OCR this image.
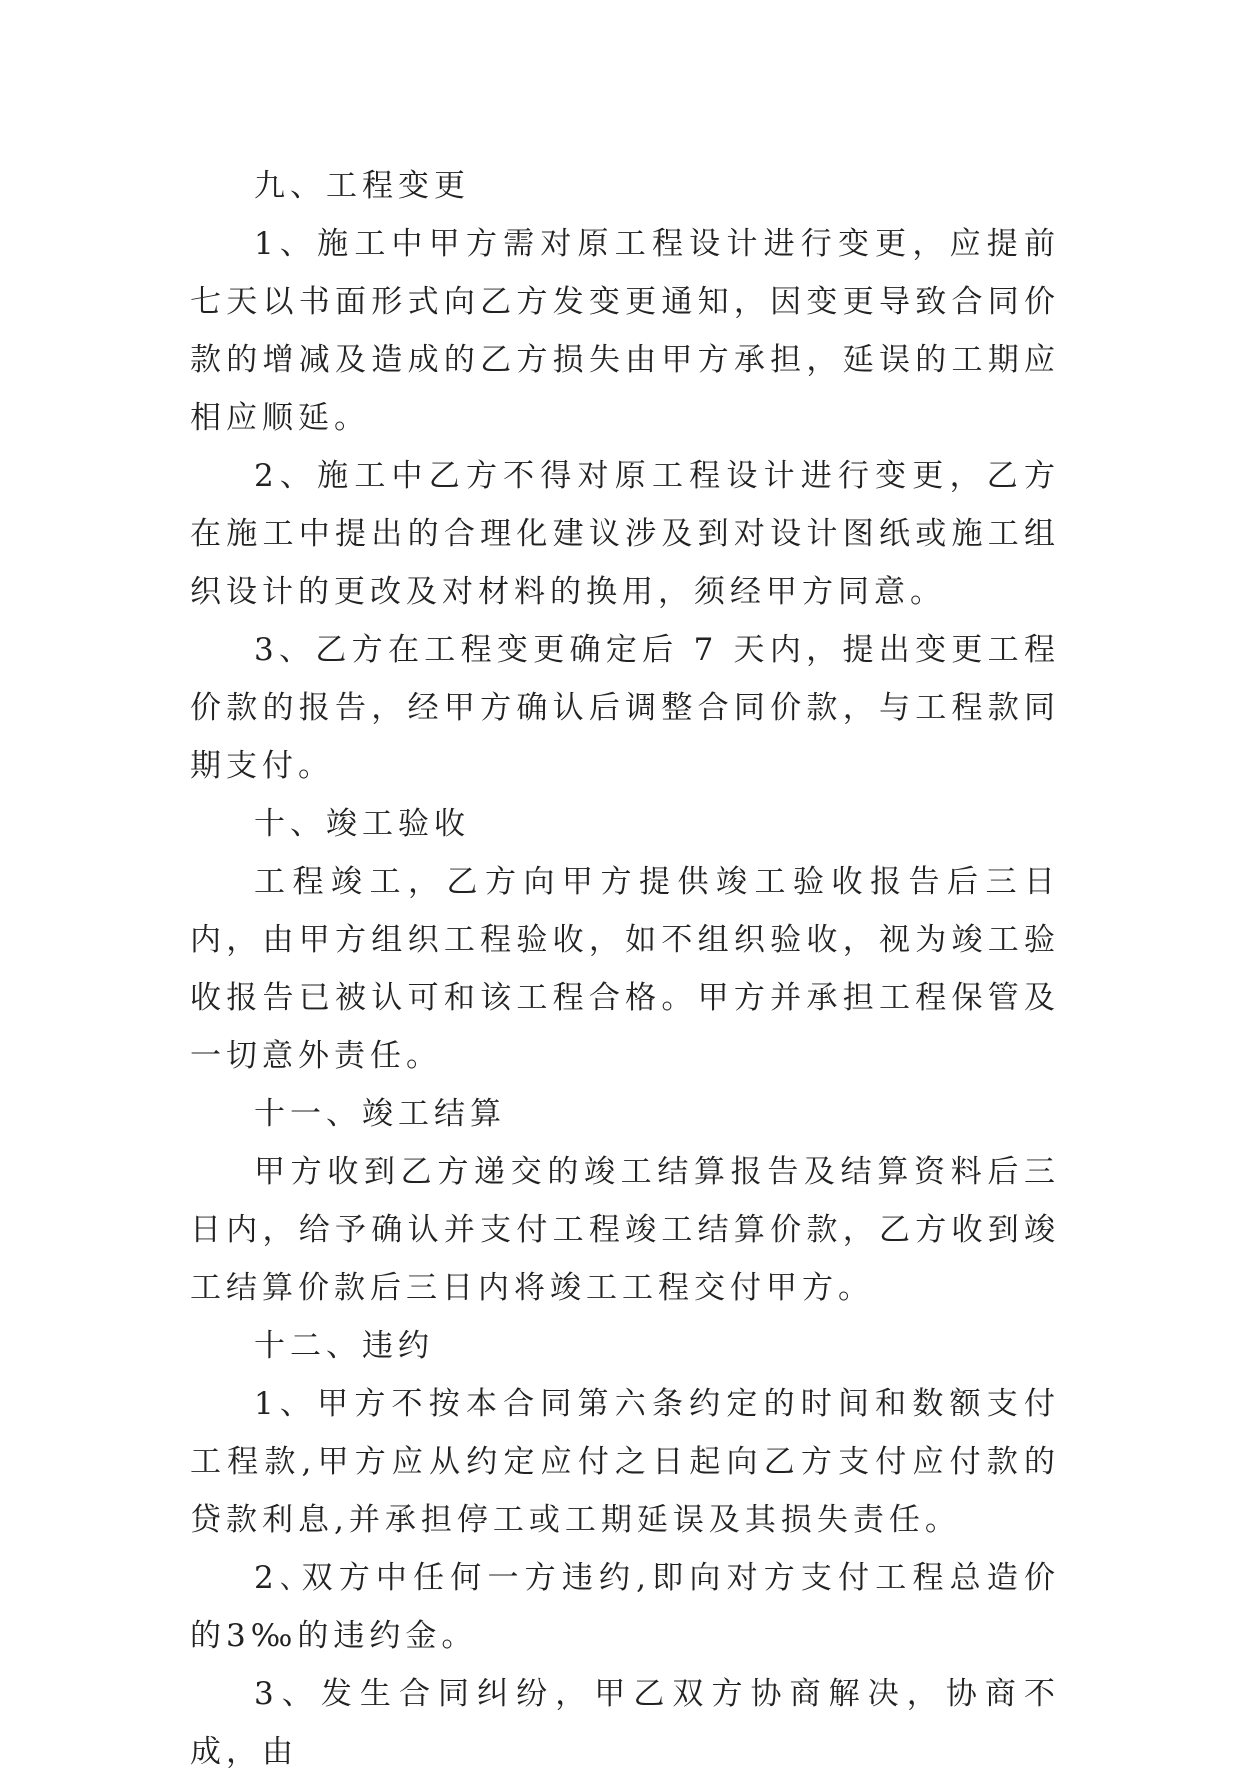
九、工程变更

1、施工中甲方需对原工程设计进行变更，应提前七天以书面形式向乙方发变更通知，因变更导致合同价款的增减及造成的乙方损失由甲方承担，延误的工期应相应顺延。

2、施工中乙方不得对原工程设计进行变更，乙方在施工中提出的合理化建议涉及到对设计图纸或施工组织设计的更改及对材料的换用，须经甲方同意。

3、乙方在工程变更确定后 7 天内，提出变更工程价款的报告，经甲方确认后调整合同价款，与工程款同期支付。

十、竣工验收

工程竣工，乙方向甲方提供竣工验收报告后三日内，由甲方组织工程验收，如不组织验收，视为竣工验收报告已被认可和该工程合格。甲方并承担工程保管及一切意外责任。

十一、竣工结算

甲方收到乙方递交的竣工结算报告及结算资料后三日内，给予确认并支付工程竣工结算价款，乙方收到竣工结算价款后三日内将竣工工程交付甲方。

十二、违约

1、甲方不按本合同第六条约定的时间和数额支付工程款,甲方应从约定应付之日起向乙方支付应付款的贷款利息,并承担停工或工期延误及其损失责任。

2､双方中任何一方违约,即向对方支付工程总造价的3‰的违约金。

3、发生合同纠纷，甲乙双方协商解决，协商不成，由
